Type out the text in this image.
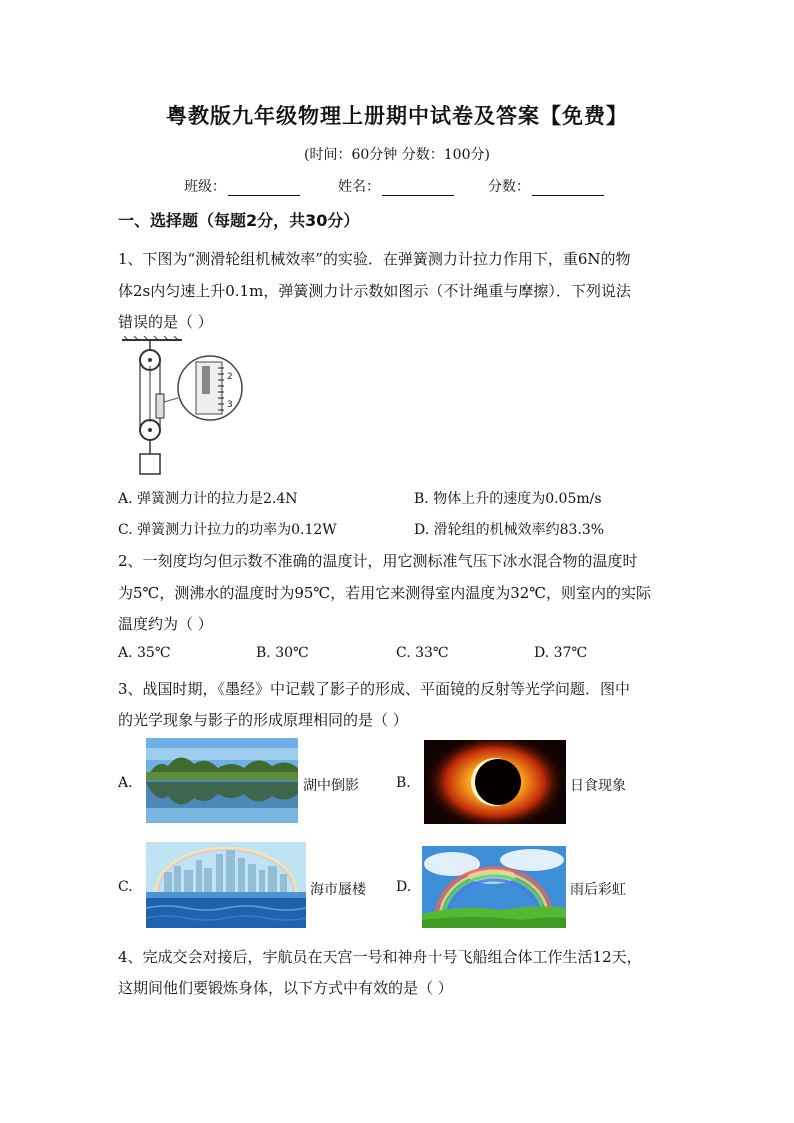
粤教版九年级物理上册期中试卷及答案【免费】
(时间：60分钟 分数：100分)
班级：	姓名：	分数：
一、选择题（每题2分，共30分）
1、下图为“测滑轮组机械效率”的实验．在弹簧测力计拉力作用下，重6N的物
体2s内匀速上升0.1m，弹簧测力计示数如图示（不计绳重与摩擦）．下列说法
错误的是（ ）
2
3
A. 弹簧测力计的拉力是2.4N	B. 物体上升的速度为0.05m/s
C. 弹簧测力计拉力的功率为0.12W	D. 滑轮组的机械效率约83.3%
2、一刻度均匀但示数不准确的温度计，用它测标准气压下冰水混合物的温度时
为5℃，测沸水的温度时为95℃，若用它来测得室内温度为32℃，则室内的实际
温度约为（ ）
A. 35℃	B. 30℃	C. 33℃	D. 37℃
3、战国时期，《墨经》中记载了影子的形成、平面镜的反射等光学问题．图中
的光学现象与影子的形成原理相同的是（ ）
A.	湖中倒影	B.	日食现象
C.	海市蜃楼 D.	雨后彩虹
4、完成交会对接后，宇航员在天宫一号和神舟十号飞船组合体工作生活12天，
这期间他们要锻炼身体，以下方式中有效的是（ ）
